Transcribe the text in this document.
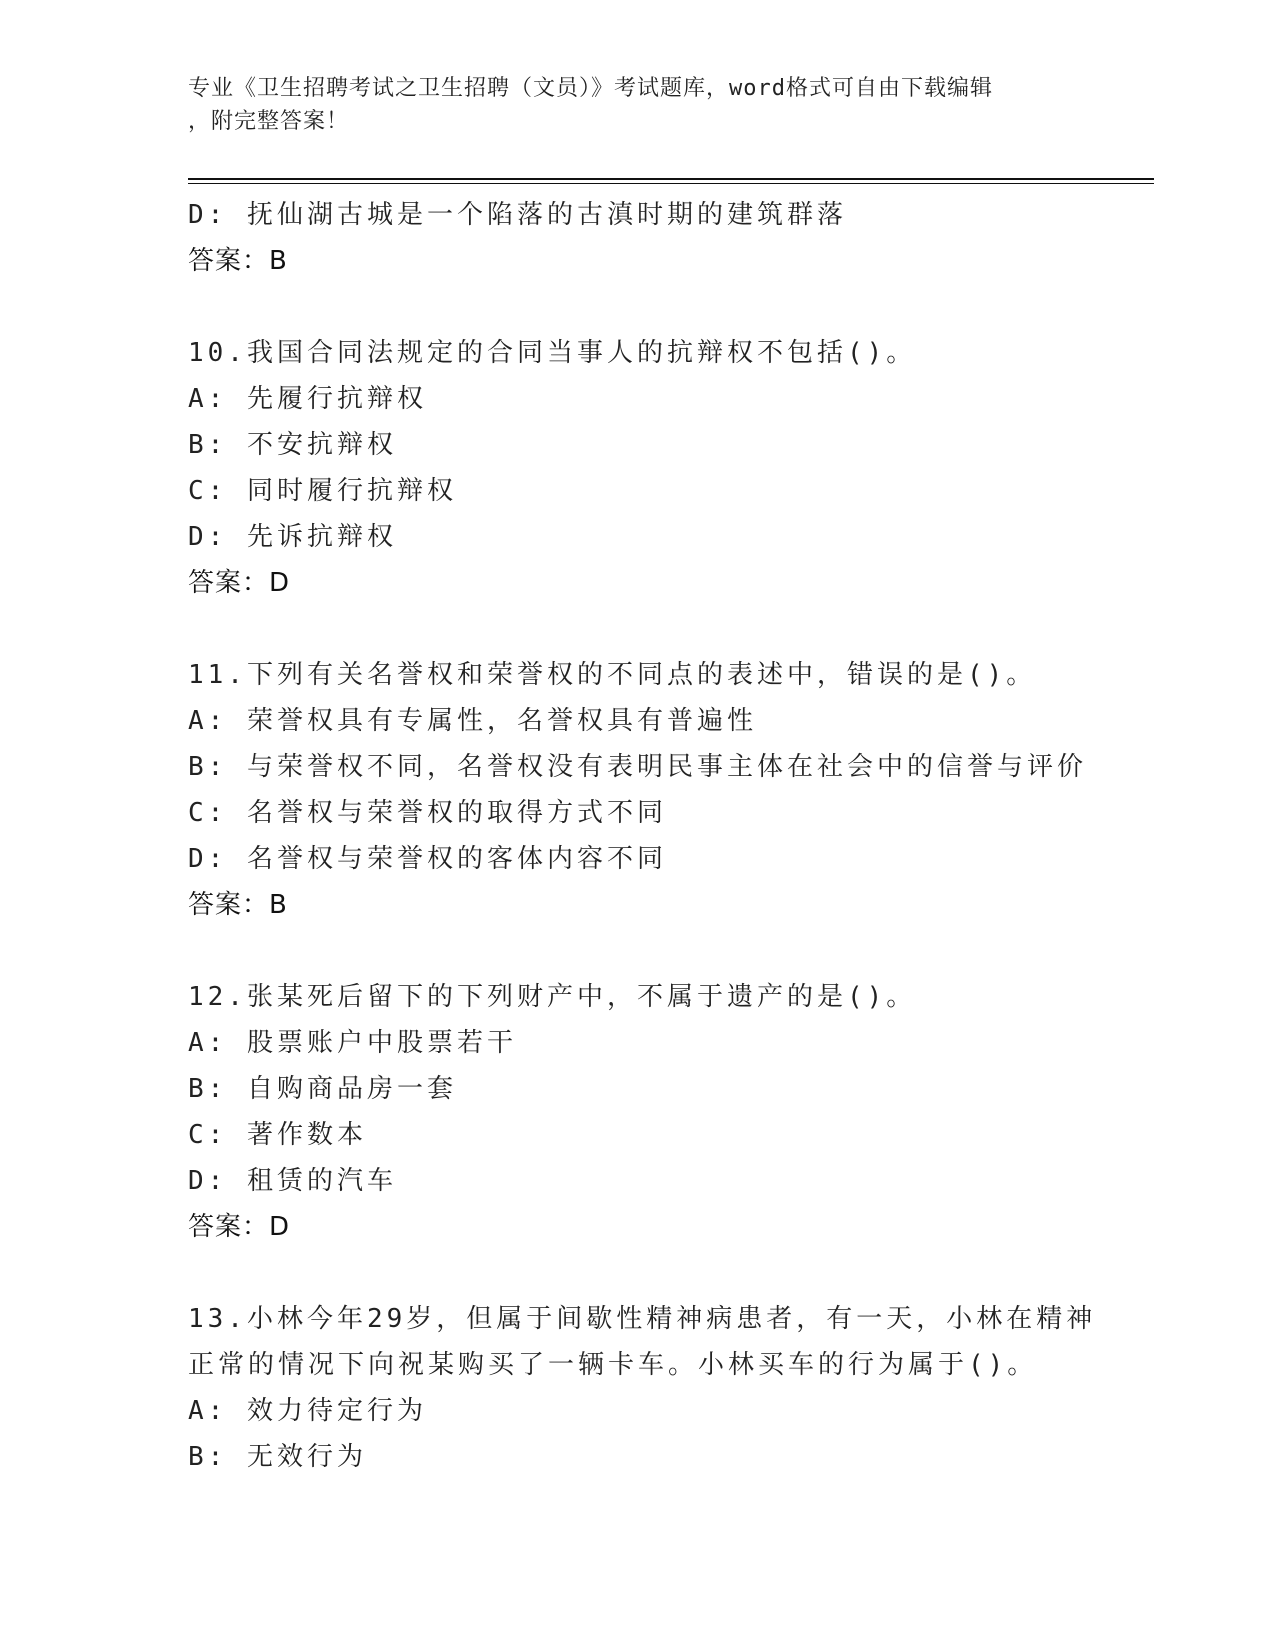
专业《卫生招聘考试之卫生招聘（文员）》考试题库，word格式可自由下载编辑
，附完整答案！
D: 抚仙湖古城是一个陷落的古滇时期的建筑群落
答案：B
10.我国合同法规定的合同当事人的抗辩权不包括()。
A: 先履行抗辩权
B: 不安抗辩权
C: 同时履行抗辩权
D: 先诉抗辩权
答案：D
11.下列有关名誉权和荣誉权的不同点的表述中，错误的是()。
A: 荣誉权具有专属性，名誉权具有普遍性
B: 与荣誉权不同，名誉权没有表明民事主体在社会中的信誉与评价
C: 名誉权与荣誉权的取得方式不同
D: 名誉权与荣誉权的客体内容不同
答案：B
12.张某死后留下的下列财产中，不属于遗产的是()。
A: 股票账户中股票若干
B: 自购商品房一套
C: 著作数本
D: 租赁的汽车
答案：D
13.小林今年29岁，但属于间歇性精神病患者，有一天，小林在精神
正常的情况下向祝某购买了一辆卡车。小林买车的行为属于()。
A: 效力待定行为
B: 无效行为
